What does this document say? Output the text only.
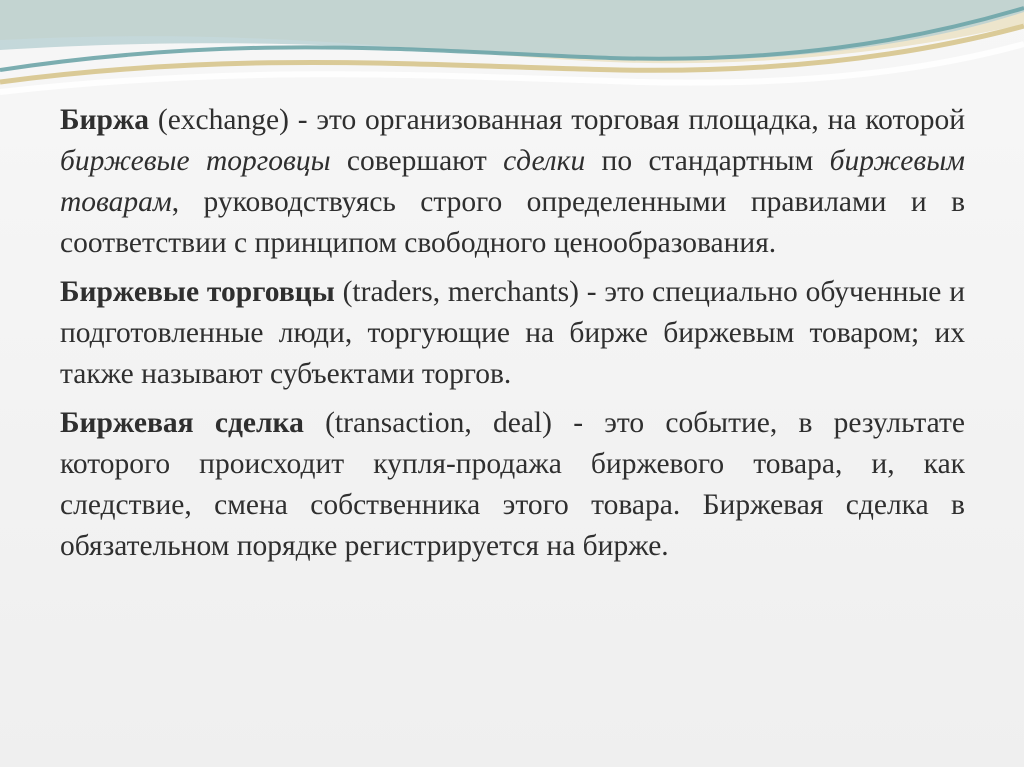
Биржа (exchange) - это организованная торговая площадка, на которой биржевые торговцы совершают сделки по стандартным биржевым товарам, руководствуясь строго определенными правилами и в соответствии с принципом свободного ценообразования.

Биржевые торговцы (traders, merchants) - это специально обученные и подготовленные люди, торгующие на бирже биржевым товаром; их также называют субъектами торгов.

Биржевая сделка (transaction, deal) - это событие, в результате которого происходит купля-продажа биржевого товара, и, как следствие, смена собственника этого товара. Биржевая сделка в обязательном порядке регистрируется на бирже.
